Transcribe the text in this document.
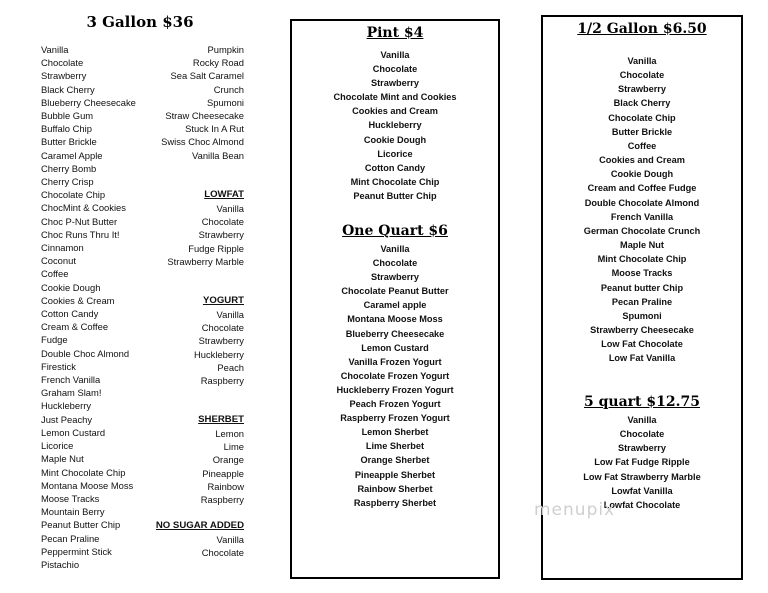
3 Gallon $36
Vanilla
Chocolate
Strawberry
Black Cherry
Blueberry Cheesecake
Bubble Gum
Buffalo Chip
Butter Brickle
Caramel Apple
Cherry Bomb
Cherry Crisp
Chocolate Chip
ChocMint & Cookies
Choc P-Nut Butter
Choc Runs Thru It!
Cinnamon
Coconut
Coffee
Cookie Dough
Cookies & Cream
Cotton Candy
Cream & Coffee
Fudge
Double Choc Almond
Firestick
French Vanilla
Graham Slam!
Huckleberry
Just Peachy
Lemon Custard
Licorice
Maple Nut
Mint Chocolate Chip
Montana Moose Moss
Moose Tracks
Mountain Berry
Peanut Butter Chip
Pecan Praline
Peppermint Stick
Pistachio
Pumpkin
Rocky Road
Sea Salt Caramel
Crunch
Spumoni
Straw Cheesecake
Stuck In A Rut
Swiss Choc Almond
Vanilla Bean
LOWFAT
Vanilla
Chocolate
Strawberry
Fudge Ripple
Strawberry Marble
YOGURT
Vanilla
Chocolate
Strawberry
Huckleberry
Peach
Raspberry
SHERBET
Lemon
Lime
Orange
Pineapple
Rainbow
Raspberry
NO SUGAR ADDED
Vanilla
Chocolate
Pint $4
Vanilla
Chocolate
Strawberry
Chocolate Mint and Cookies
Cookies and Cream
Huckleberry
Cookie Dough
Licorice
Cotton Candy
Mint Chocolate Chip
Peanut Butter Chip
One Quart $6
Vanilla
Chocolate
Strawberry
Chocolate Peanut Butter
Caramel apple
Montana Moose Moss
Blueberry Cheesecake
Lemon Custard
Vanilla Frozen Yogurt
Chocolate Frozen Yogurt
Huckleberry Frozen Yogurt
Peach Frozen Yogurt
Raspberry Frozen Yogurt
Lemon Sherbet
Lime Sherbet
Orange Sherbet
Pineapple Sherbet
Rainbow Sherbet
Raspberry Sherbet
1/2 Gallon $6.50
Vanilla
Chocolate
Strawberry
Black Cherry
Chocolate Chip
Butter Brickle
Coffee
Cookies and Cream
Cookie Dough
Cream and Coffee Fudge
Double Chocolate Almond
French Vanilla
German Chocolate Crunch
Maple Nut
Mint Chocolate Chip
Moose Tracks
Peanut butter Chip
Pecan Praline
Spumoni
Strawberry Cheesecake
Low Fat Chocolate
Low Fat Vanilla
5 quart $12.75
Vanilla
Chocolate
Strawberry
Low Fat Fudge Ripple
Low Fat Strawberry Marble
Lowfat Vanilla
Lowfat Chocolate
menupix
